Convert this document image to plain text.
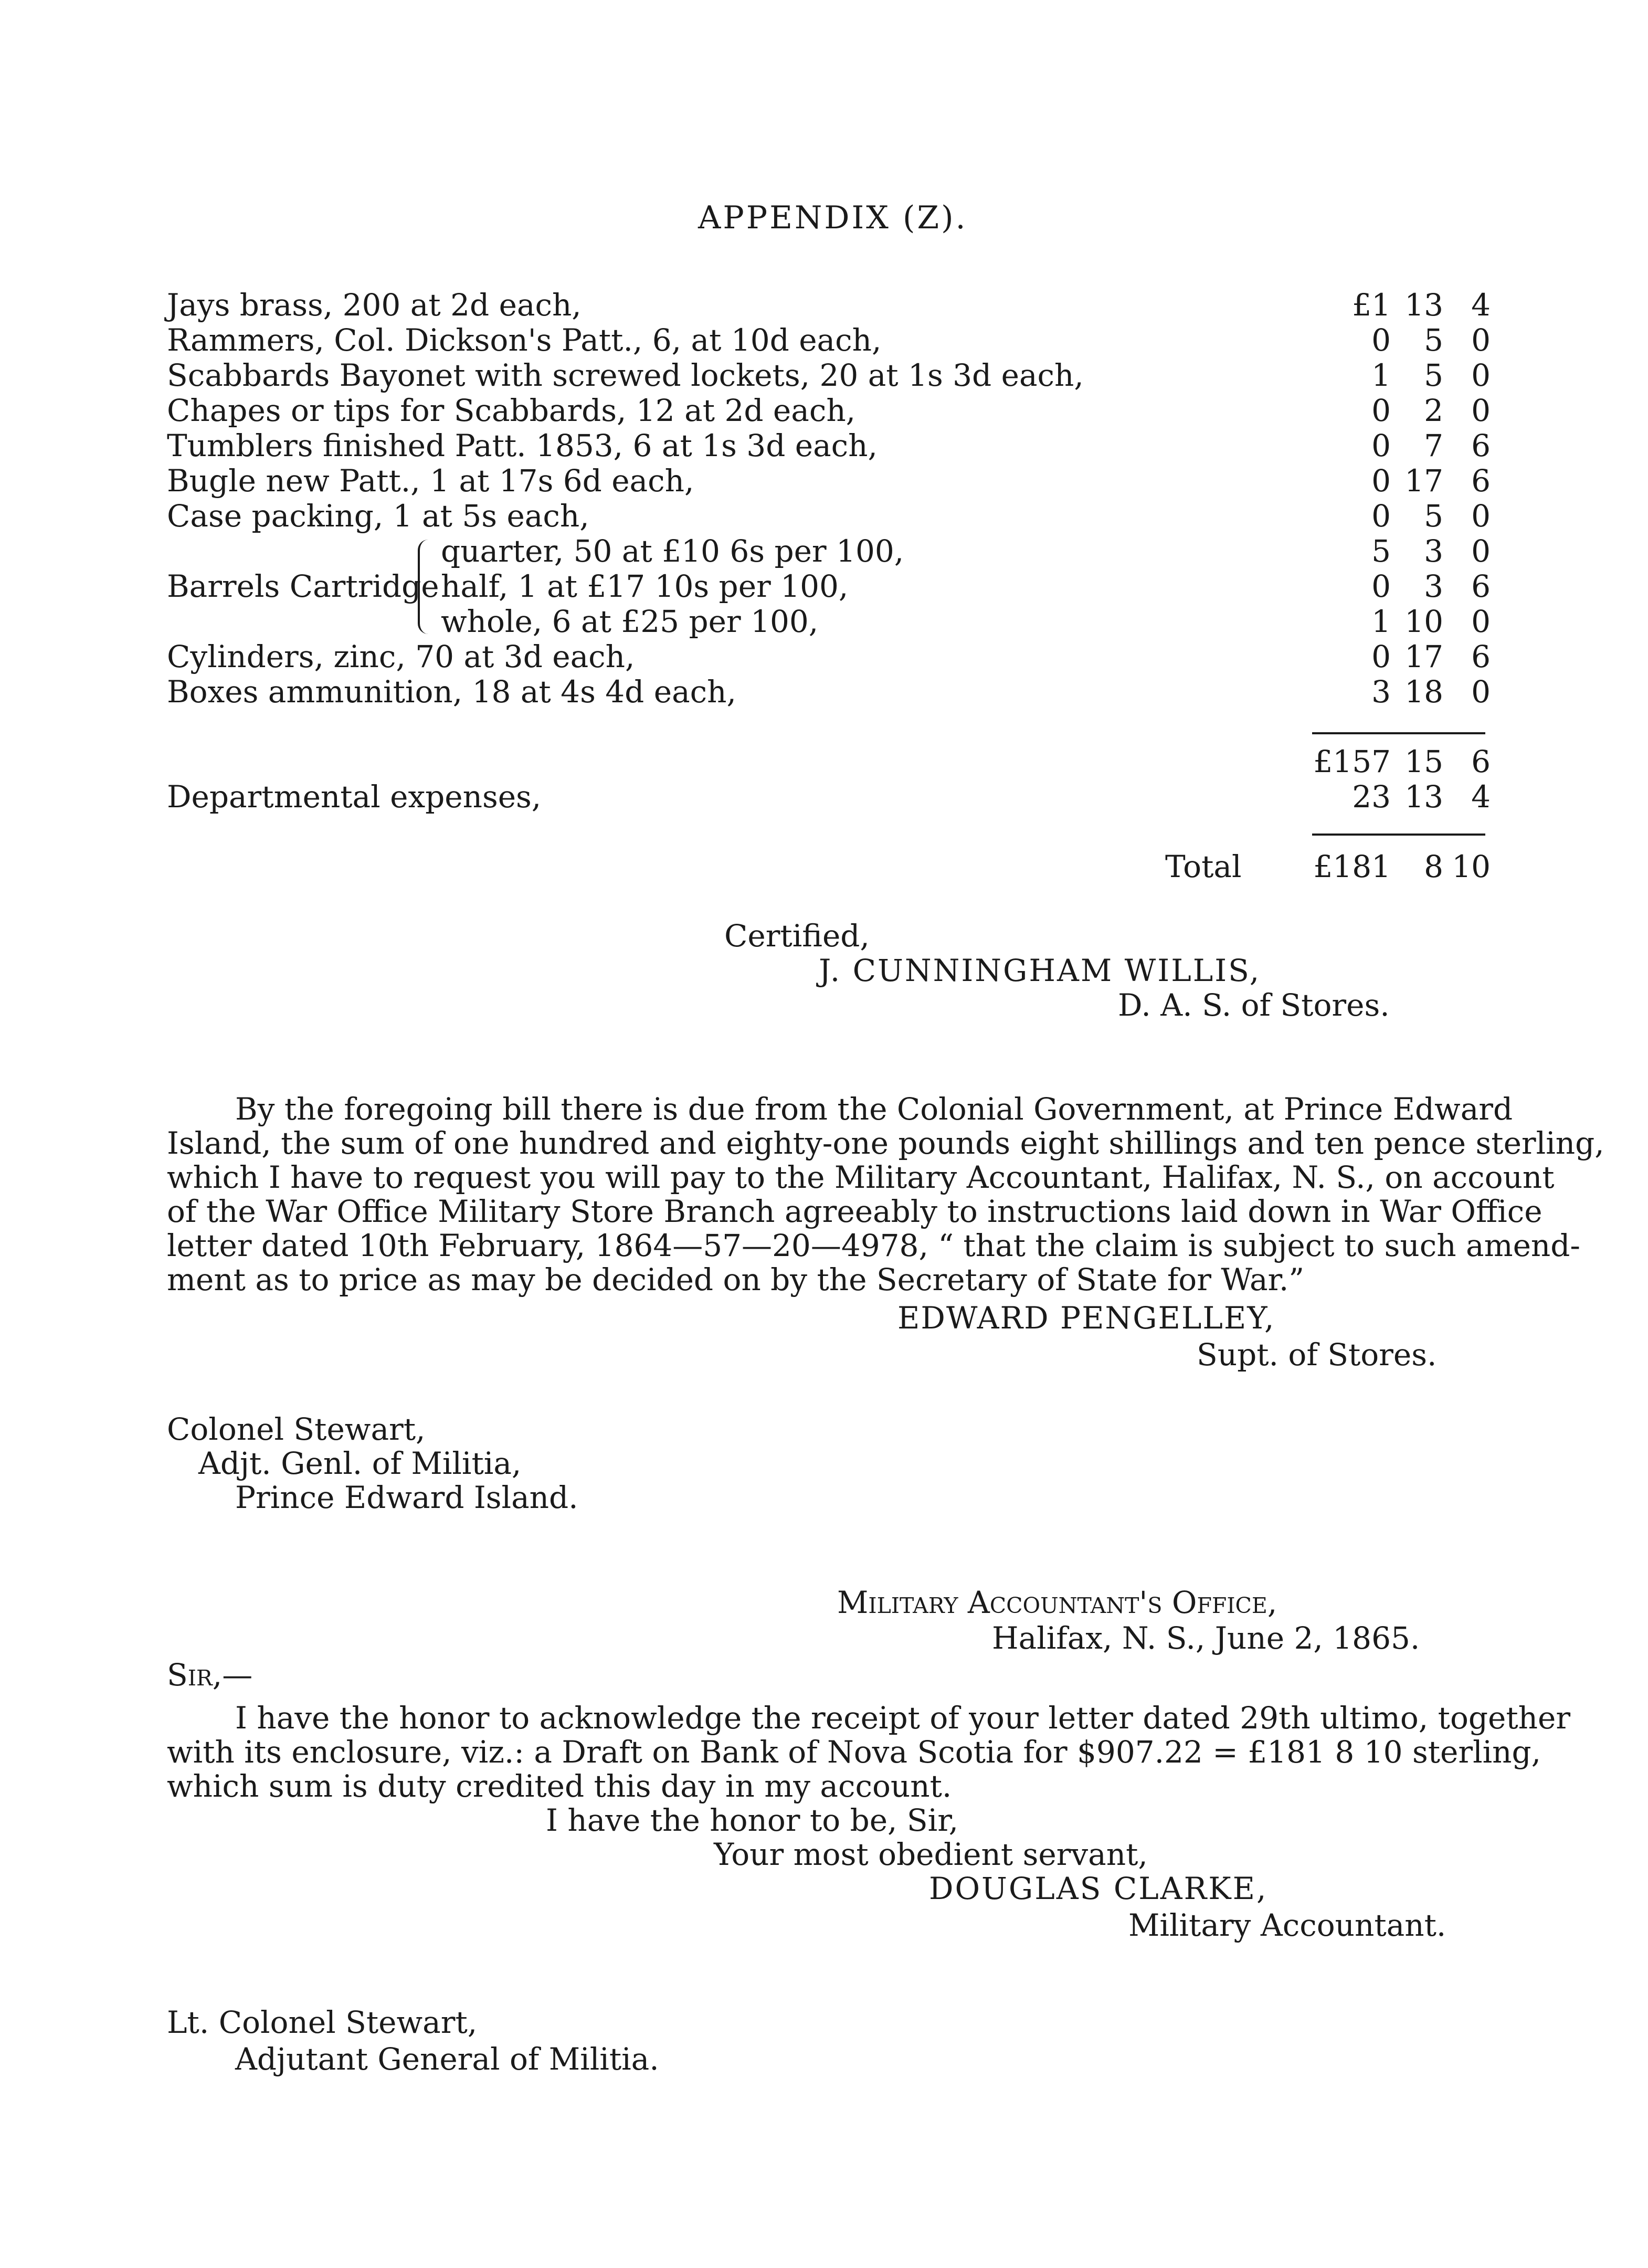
APPENDIX (Z).
Jays brass, 200 at 2d each,
Rammers, Col. Dickson's Patt., 6, at 10d each,
Scabbards Bayonet with screwed lockets, 20 at 1s 3d each,
Chapes or tips for Scabbards, 12 at 2d each,
Tumblers finished Patt. 1853, 6 at 1s 3d each,
Bugle new Patt., 1 at 17s 6d each,
Case packing, 1 at 5s each,
Barrels Cartridge
quarter, 50 at £10 6s per 100,
half, 1 at £17 10s per 100,
whole, 6 at £25 per 100,
Cylinders, zinc, 70 at 3d each,
Boxes ammunition, 18 at 4s 4d each,
£1 13 4
0 5 0
1 5 0
0 2 0
0 7 6
0 17 6
0 5 0
5 3 0
0 3 6
1 10 0
0 17 6
3 18 0
£157 15 6
Departmental expenses,	23 13 4
Total £181 8 10
Certified,
J. CUNNINGHAM WILLIS,
D. A. S. of Stores.
By the foregoing bill there is due from the Colonial Government, at Prince Edward
Island, the sum of one hundred and eighty-one pounds eight shillings and ten pence sterling,
which I have to request you will pay to the Military Accountant, Halifax, N. S., on account
of the War Office Military Store Branch agreeably to instructions laid down in War Office
letter dated 10th February, 1864—57—20—4978, “ that the claim is subject to such amend-
ment as to price as may be decided on by the Secretary of State for War.”
EDWARD PENGELLEY,
Supt. of Stores.
Colonel Stewart,
Adjt. Genl. of Militia,
Prince Edward Island.
Military Accountant's Office,
Halifax, N. S., June 2, 1865.
Sir,—
I have the honor to acknowledge the receipt of your letter dated 29th ultimo, together
with its enclosure, viz.: a Draft on Bank of Nova Scotia for $907.22 = £181 8 10 sterling,
which sum is duty credited this day in my account.
I have the honor to be, Sir,
Your most obedient servant,
DOUGLAS CLARKE,
Military Accountant.
Lt. Colonel Stewart,
Adjutant General of Militia.
